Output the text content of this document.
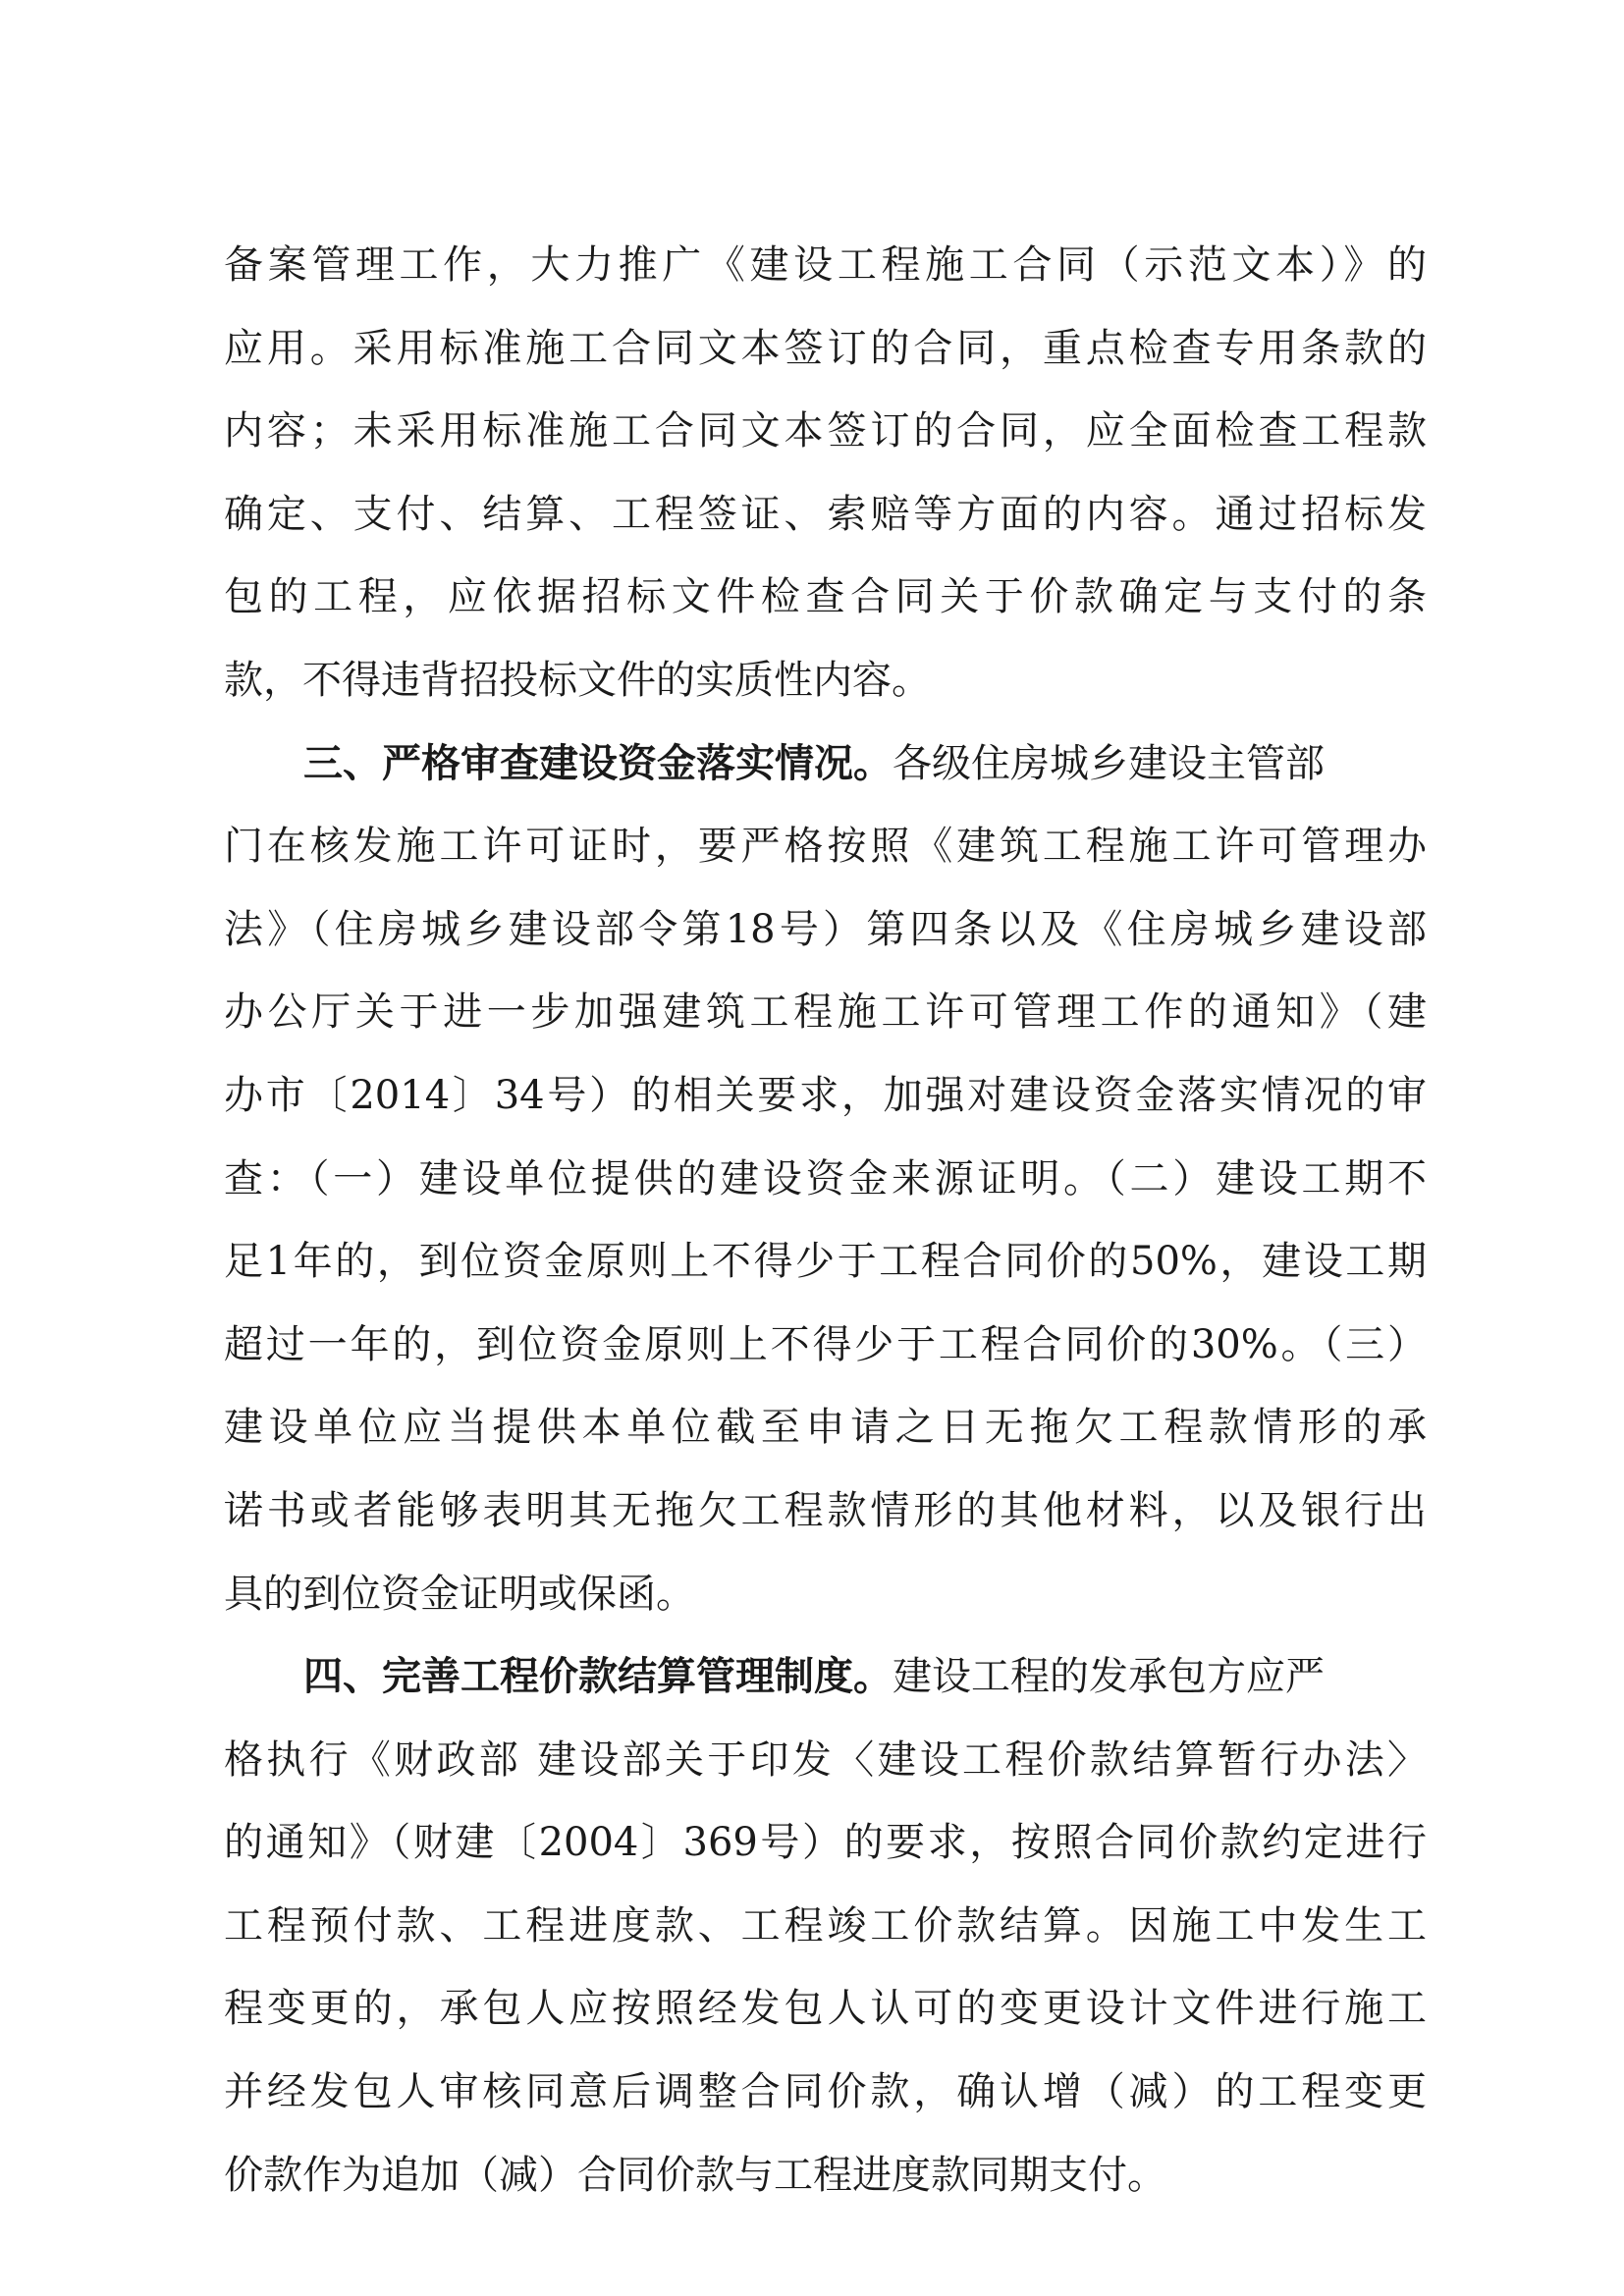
备案管理工作，大力推广《建设工程施工合同（示范文本）》的
应用。采用标准施工合同文本签订的合同，重点检查专用条款的
内容；未采用标准施工合同文本签订的合同，应全面检查工程款
确定、支付、结算、工程签证、索赔等方面的内容。通过招标发
包的工程，应依据招标文件检查合同关于价款确定与支付的条
款，不得违背招投标文件的实质性内容。
三、严格审查建设资金落实情况。各级住房城乡建设主管部
门在核发施工许可证时，要严格按照《建筑工程施工许可管理办
法》（住房城乡建设部令第18号）第四条以及《住房城乡建设部
办公厅关于进一步加强建筑工程施工许可管理工作的通知》（建
办市〔2014〕34号）的相关要求，加强对建设资金落实情况的审
查：（一）建设单位提供的建设资金来源证明。（二）建设工期不
足1年的，到位资金原则上不得少于工程合同价的50%，建设工期
超过一年的，到位资金原则上不得少于工程合同价的30%。（三）
建设单位应当提供本单位截至申请之日无拖欠工程款情形的承
诺书或者能够表明其无拖欠工程款情形的其他材料，以及银行出
具的到位资金证明或保函。
四、完善工程价款结算管理制度。建设工程的发承包方应严
格执行《财政部 建设部关于印发〈建设工程价款结算暂行办法〉
的通知》（财建〔2004〕369号）的要求，按照合同价款约定进行
工程预付款、工程进度款、工程竣工价款结算。因施工中发生工
程变更的，承包人应按照经发包人认可的变更设计文件进行施工
并经发包人审核同意后调整合同价款，确认增（减）的工程变更
价款作为追加（减）合同价款与工程进度款同期支付。
